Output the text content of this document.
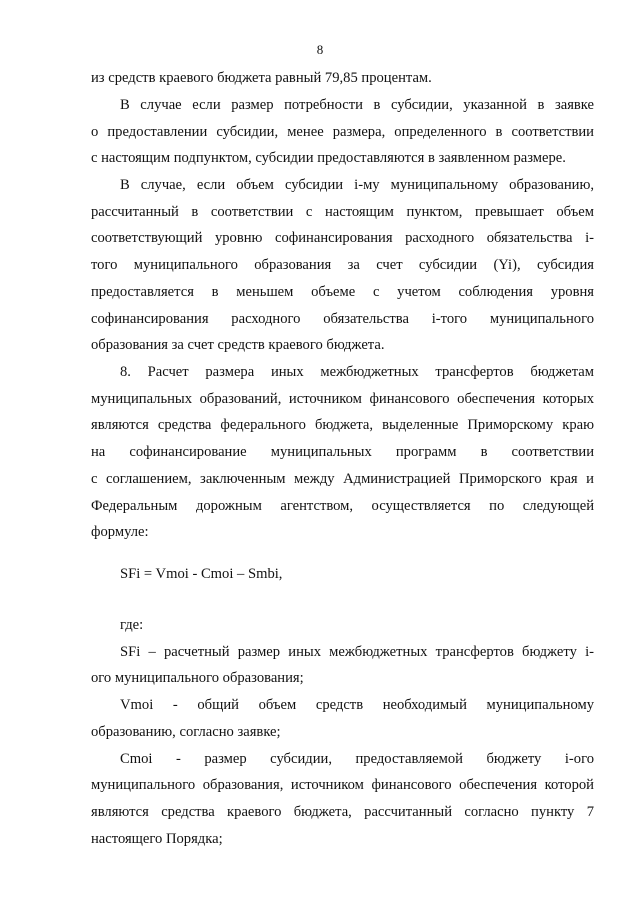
8
из средств краевого бюджета равный 79,85 процентам.
В случае если размер потребности в субсидии, указанной в заявке
о предоставлении субсидии, менее размера, определенного в соответствии
с настоящим подпунктом, субсидии предоставляются в заявленном размере.
В случае, если объем субсидии i-му муниципальному образованию,
рассчитанный в соответствии с настоящим пунктом, превышает объем
соответствующий уровню софинансирования расходного обязательства i-
того муниципального образования за счет субсидии (Yi), субсидия
предоставляется в меньшем объеме с учетом соблюдения уровня
софинансирования расходного обязательства i-того муниципального
образования за счет средств краевого бюджета.
8. Расчет размера иных межбюджетных трансфертов бюджетам
муниципальных образований, источником финансового обеспечения которых
являются средства федерального бюджета, выделенные Приморскому краю
на софинансирование муниципальных программ в соответствии
с соглашением, заключенным между Администрацией Приморского края и
Федеральным дорожным агентством, осуществляется по следующей
формуле:
SFi = Vmoi - Cmoi – Smbi,
где:
SFi – расчетный размер иных межбюджетных трансфертов бюджету i-
ого муниципального образования;
Vmoi - общий объем средств необходимый муниципальному
образованию, согласно заявке;
Cmoi - размер субсидии, предоставляемой бюджету i-ого
муниципального образования, источником финансового обеспечения которой
являются средства краевого бюджета, рассчитанный согласно пункту 7
настоящего Порядка;
